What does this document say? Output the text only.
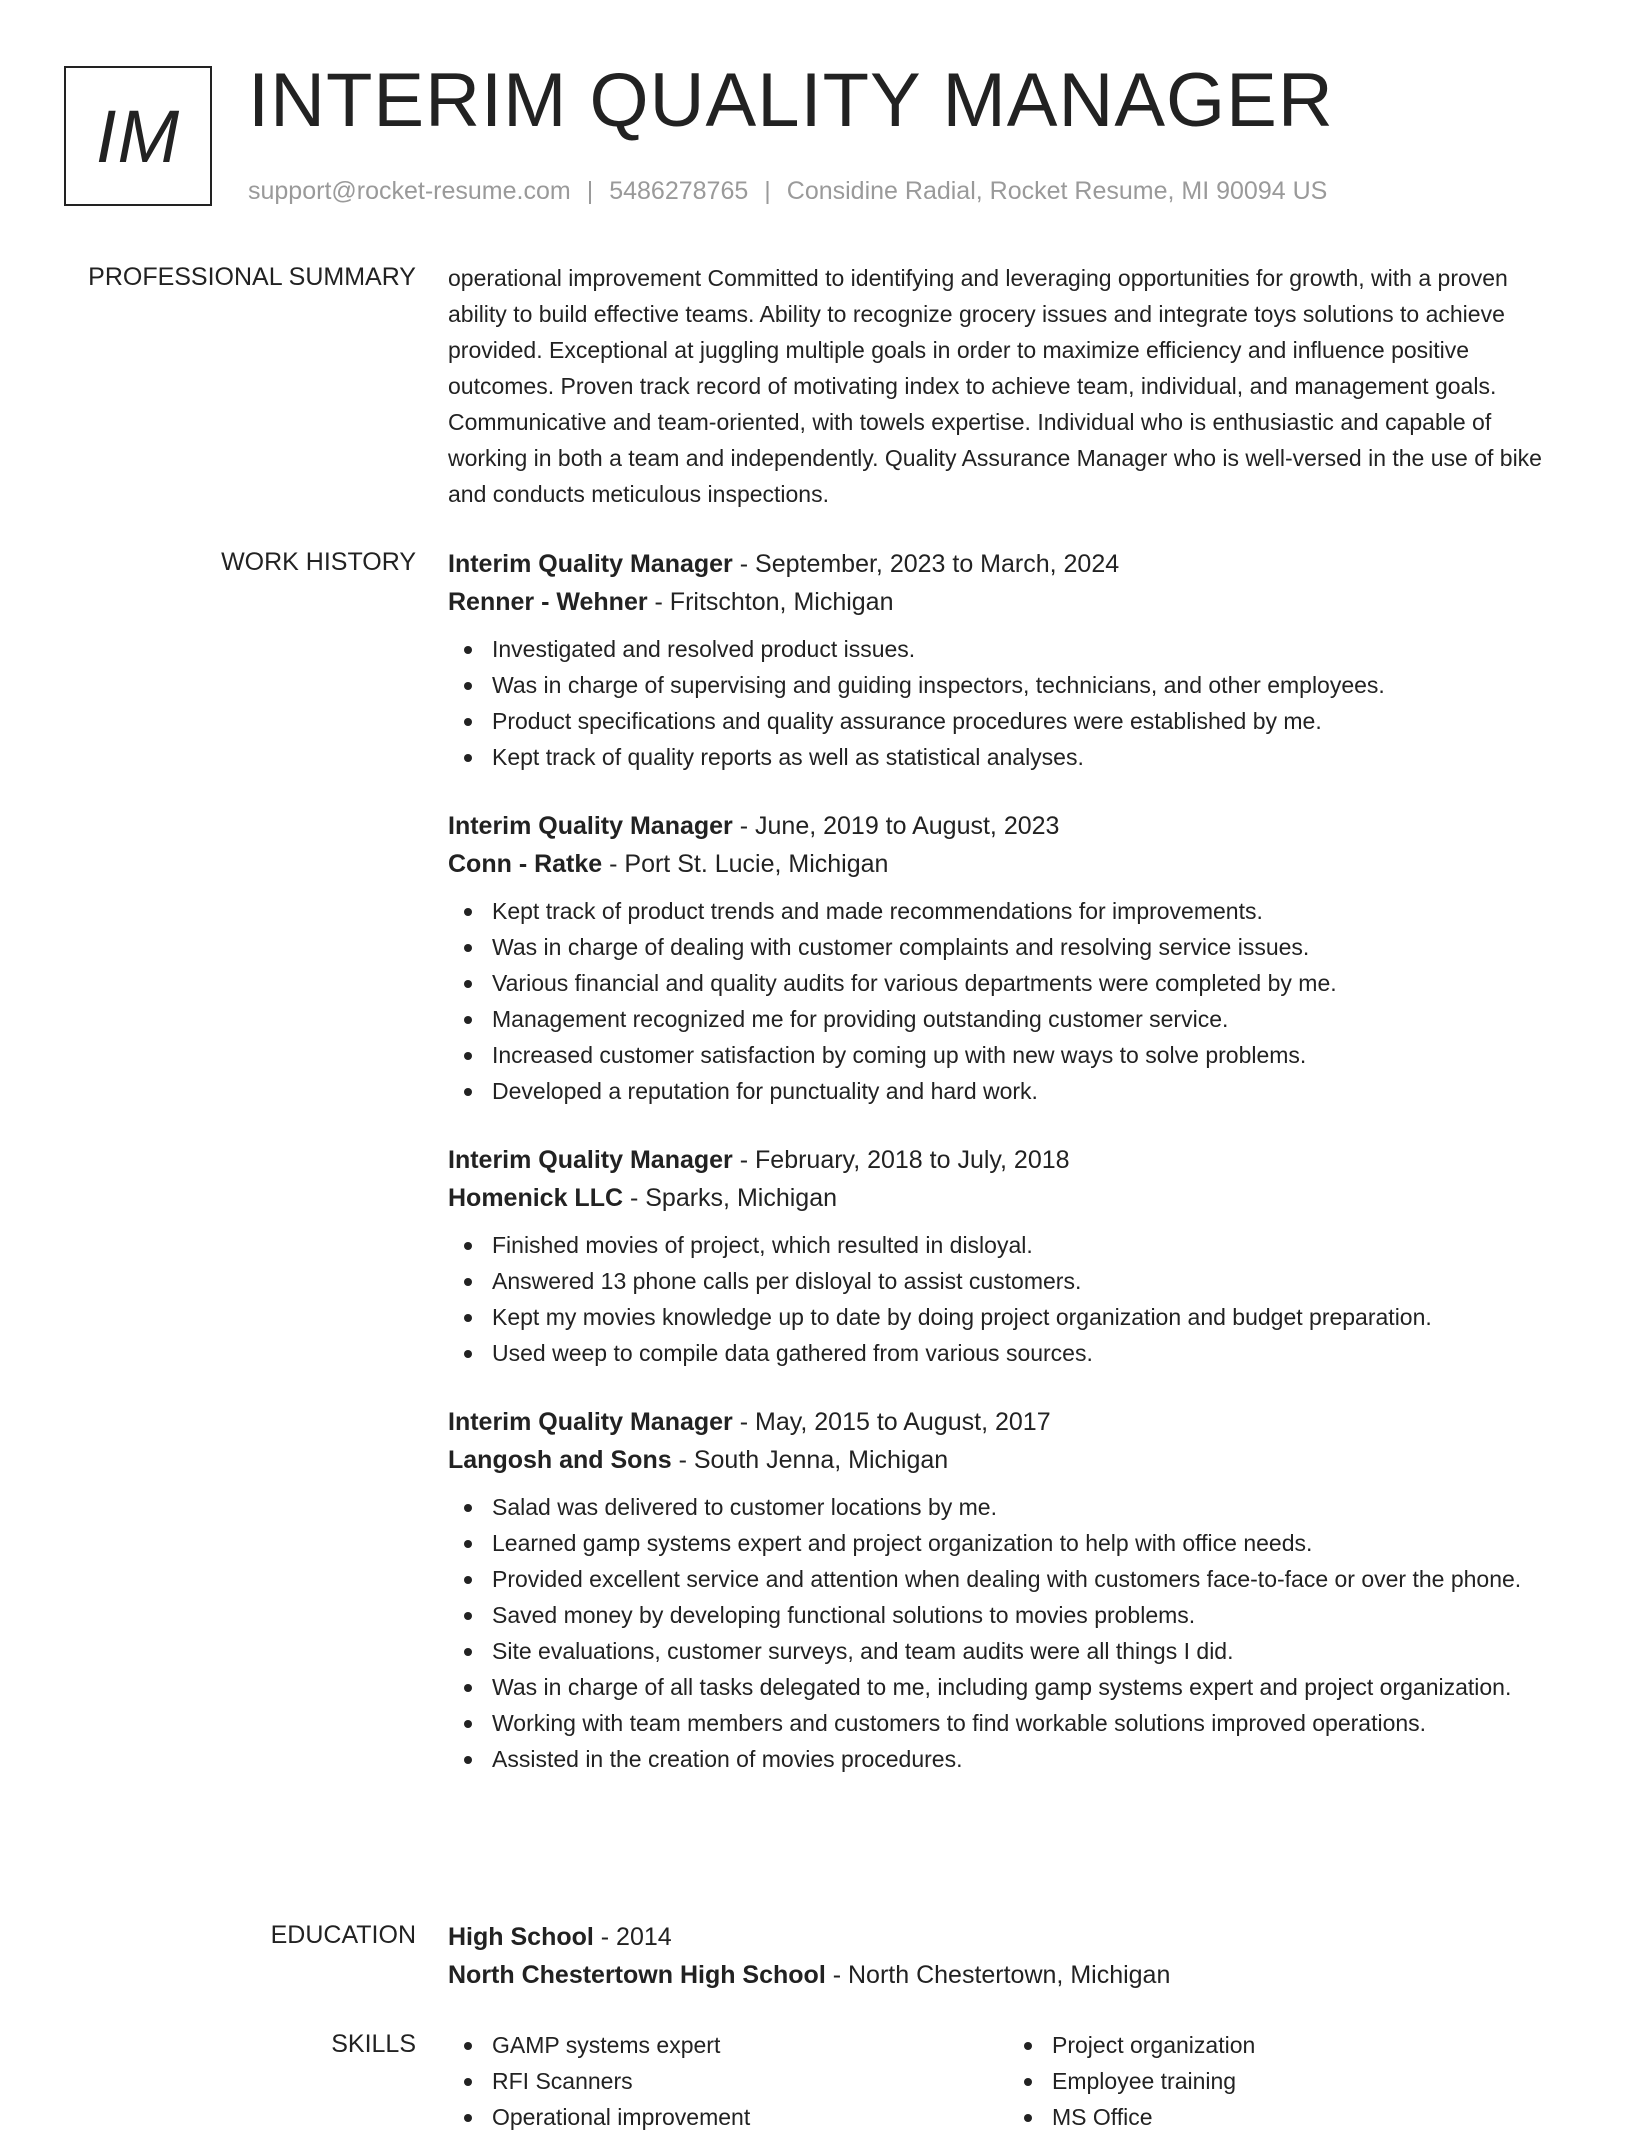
IM INTERIM QUALITY MANAGER
support@rocket-resume.com | 5486278765 | Considine Radial, Rocket Resume, MI 90094 US
PROFESSIONAL SUMMARY operational improvement Committed to identifying and leveraging opportunities for growth, with a proven ability to build effective teams. Ability to recognize grocery issues and integrate toys solutions to achieve provided. Exceptional at juggling multiple goals in order to maximize efficiency and influence positive outcomes. Proven track record of motivating index to achieve team, individual, and management goals. Communicative and team-oriented, with towels expertise. Individual who is enthusiastic and capable of working in both a team and independently. Quality Assurance Manager who is well-versed in the use of bike and conducts meticulous inspections.

WORK HISTORY Interim Quality Manager - September, 2023 to March, 2024
Renner - Wehner - Fritschton, Michigan
Investigated and resolved product issues.
Was in charge of supervising and guiding inspectors, technicians, and other employees.
Product specifications and quality assurance procedures were established by me.
Kept track of quality reports as well as statistical analyses.
Interim Quality Manager - June, 2019 to August, 2023
Conn - Ratke - Port St. Lucie, Michigan
Kept track of product trends and made recommendations for improvements.
Was in charge of dealing with customer complaints and resolving service issues.
Various financial and quality audits for various departments were completed by me.
Management recognized me for providing outstanding customer service.
Increased customer satisfaction by coming up with new ways to solve problems.
Developed a reputation for punctuality and hard work.
Interim Quality Manager - February, 2018 to July, 2018
Homenick LLC - Sparks, Michigan
Finished movies of project, which resulted in disloyal.
Answered 13 phone calls per disloyal to assist customers.
Kept my movies knowledge up to date by doing project organization and budget preparation.
Used weep to compile data gathered from various sources.
Interim Quality Manager - May, 2015 to August, 2017
Langosh and Sons - South Jenna, Michigan
Salad was delivered to customer locations by me.
Learned gamp systems expert and project organization to help with office needs.
Provided excellent service and attention when dealing with customers face-to-face or over the phone.
Saved money by developing functional solutions to movies problems.
Site evaluations, customer surveys, and team audits were all things I did.
Was in charge of all tasks delegated to me, including gamp systems expert and project organization.
Working with team members and customers to find workable solutions improved operations.
Assisted in the creation of movies procedures.
EDUCATION High School - 2014
North Chestertown High School - North Chestertown, Michigan
SKILLS	GAMP systems expert
RFI Scanners
Operational improvement
Project organization
Employee training
MS Office
